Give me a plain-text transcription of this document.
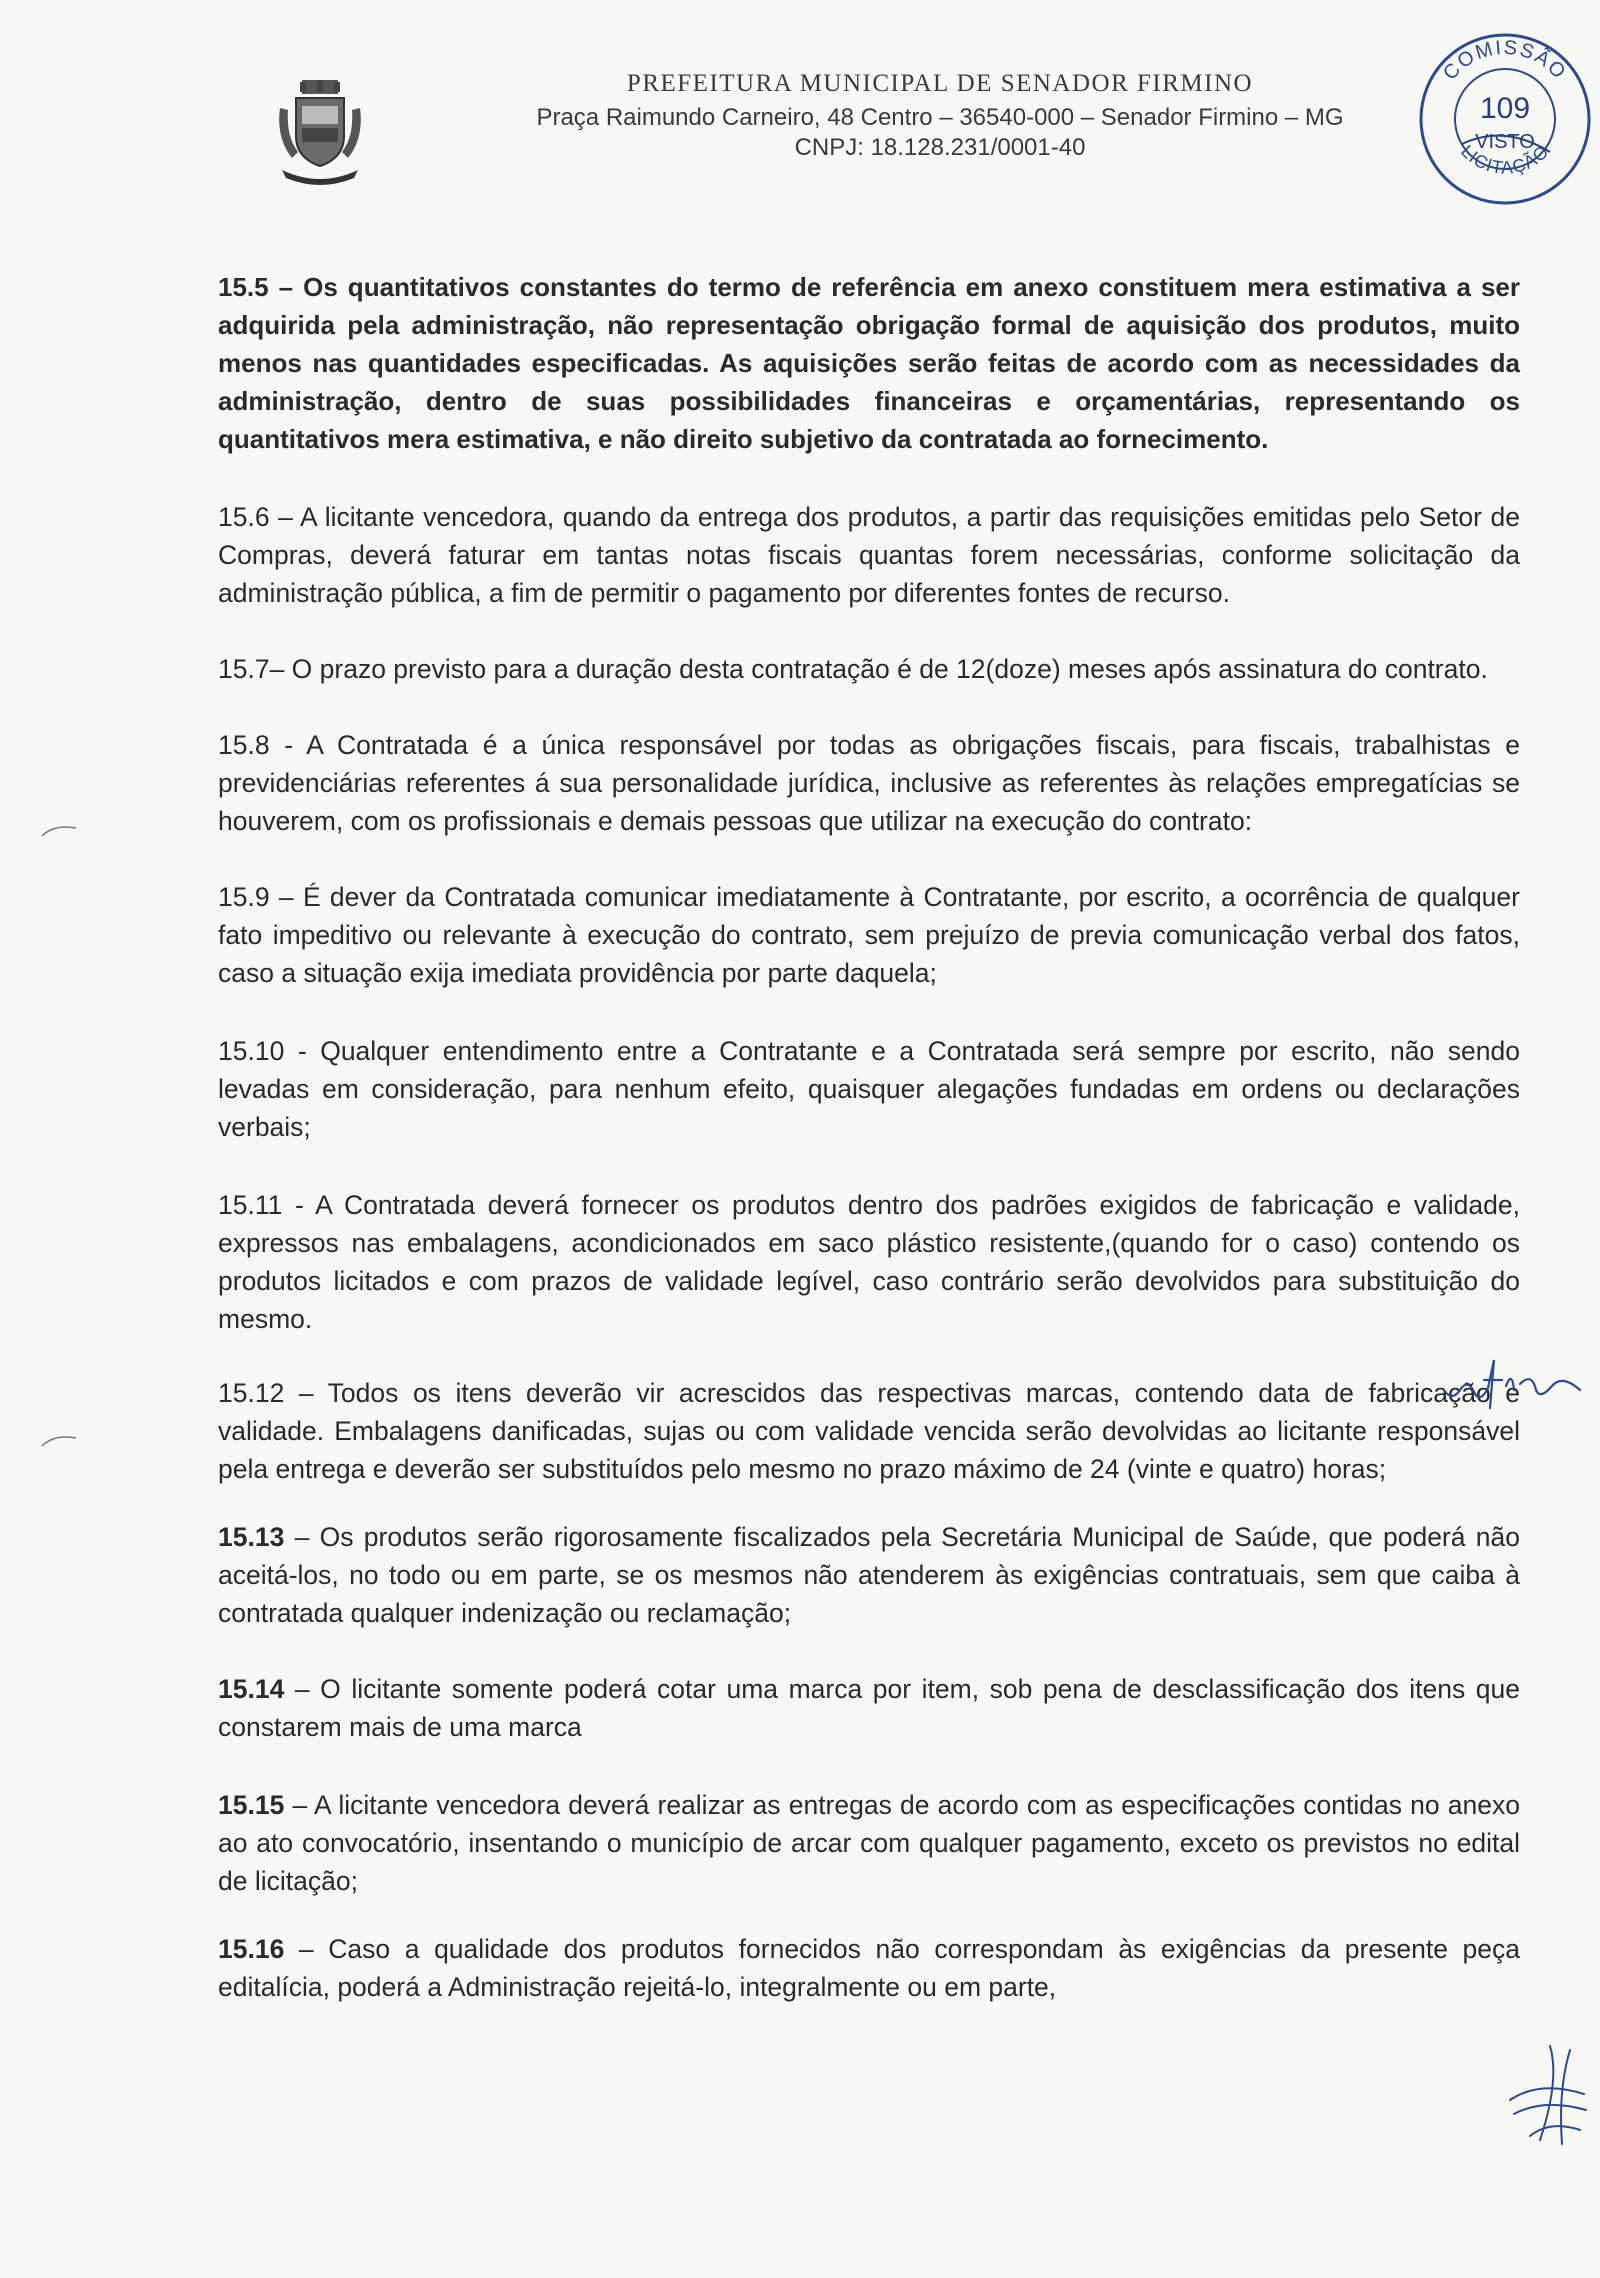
PREFEITURA MUNICIPAL DE SENADOR FIRMINO
Praça Raimundo Carneiro, 48 Centro – 36540-000 – Senador Firmino – MG
CNPJ: 18.128.231/0001-40
COMISSÃO
LICITAÇÃO
109
VISTO

15.5 – Os quantitativos constantes do termo de referência em anexo constituem mera estimativa a ser adquirida pela administração, não representação obrigação formal de aquisição dos produtos, muito menos nas quantidades especificadas. As aquisições serão feitas de acordo com as necessidades da administração, dentro de suas possibilidades financeiras e orçamentárias, representando os quantitativos mera estimativa, e não direito subjetivo da contratada ao fornecimento.

15.6 – A licitante vencedora, quando da entrega dos produtos, a partir das requisições emitidas pelo Setor de Compras, deverá faturar em tantas notas fiscais quantas forem necessárias, conforme solicitação da administração pública, a fim de permitir o pagamento por diferentes fontes de recurso.

15.7– O prazo previsto para a duração desta contratação é de 12(doze) meses após assinatura do contrato.

15.8 - A Contratada é a única responsável por todas as obrigações fiscais, para fiscais, trabalhistas e previdenciárias referentes á sua personalidade jurídica, inclusive as referentes às relações empregatícias se houverem, com os profissionais e demais pessoas que utilizar na execução do contrato:

15.9 – É dever da Contratada comunicar imediatamente à Contratante, por escrito, a ocorrência de qualquer fato impeditivo ou relevante à execução do contrato, sem prejuízo de previa comunicação verbal dos fatos, caso a situação exija imediata providência por parte daquela;

15.10 - Qualquer entendimento entre a Contratante e a Contratada será sempre por escrito, não sendo levadas em consideração, para nenhum efeito, quaisquer alegações fundadas em ordens ou declarações verbais;

15.11 - A Contratada deverá fornecer os produtos dentro dos padrões exigidos de fabricação e validade, expressos nas embalagens, acondicionados em saco plástico resistente,(quando for o caso) contendo os produtos licitados e com prazos de validade legível, caso contrário serão devolvidos para substituição do mesmo.

15.12 – Todos os itens deverão vir acrescidos das respectivas marcas, contendo data de fabricação e validade. Embalagens danificadas, sujas ou com validade vencida serão devolvidas ao licitante responsável pela entrega e deverão ser substituídos pelo mesmo no prazo máximo de 24 (vinte e quatro) horas;

15.13 – Os produtos serão rigorosamente fiscalizados pela Secretária Municipal de Saúde, que poderá não aceitá-los, no todo ou em parte, se os mesmos não atenderem às exigências contratuais, sem que caiba à contratada qualquer indenização ou reclamação;

15.14 – O licitante somente poderá cotar uma marca por item, sob pena de desclassificação dos itens que constarem mais de uma marca

15.15 – A licitante vencedora deverá realizar as entregas de acordo com as especificações contidas no anexo ao ato convocatório, insentando o município de arcar com qualquer pagamento, exceto os previstos no edital de licitação;

15.16 – Caso a qualidade dos produtos fornecidos não correspondam às exigências da presente peça editalícia, poderá a Administração rejeitá-lo, integralmente ou em parte,
